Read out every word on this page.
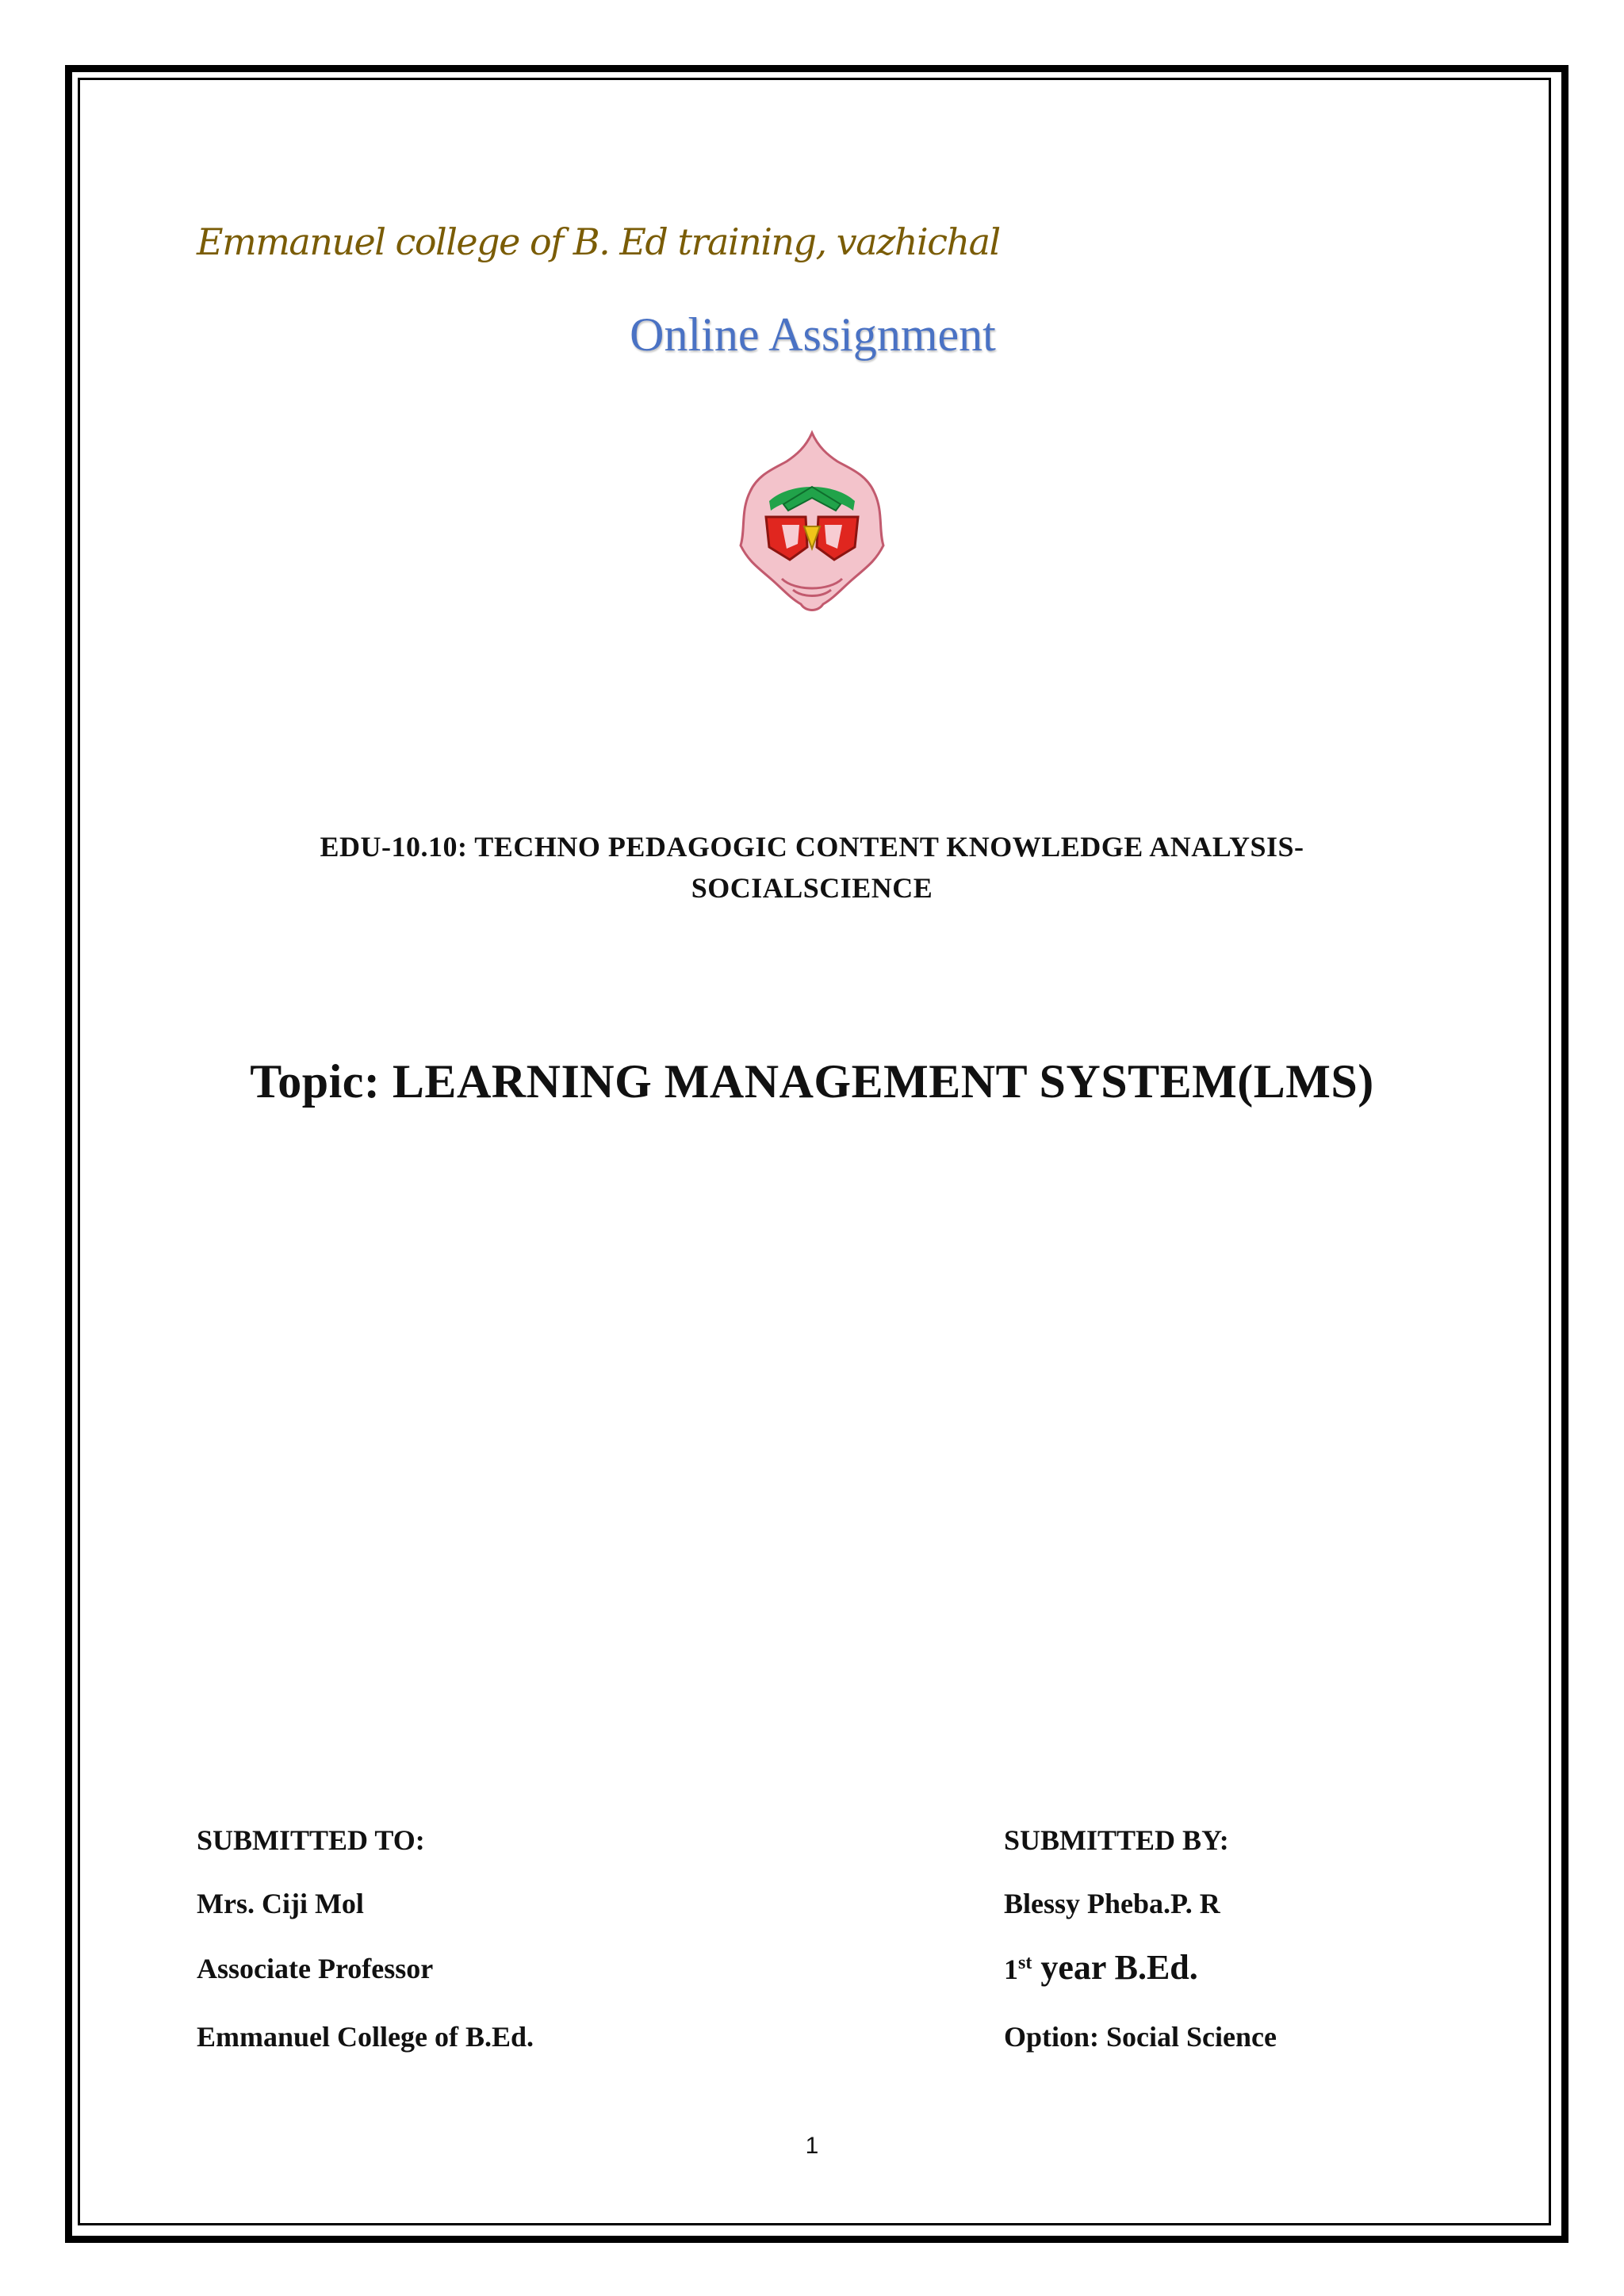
Emmanuel college of B. Ed training, vazhichal
Online Assignment
EDU-10.10: TECHNO PEDAGOGIC CONTENT KNOWLEDGE ANALYSIS-
SOCIALSCIENCE
Topic: LEARNING MANAGEMENT SYSTEM(LMS)
SUBMITTED TO:
Mrs. Ciji Mol
Associate Professor
Emmanuel College of B.Ed.
SUBMITTED BY:
Blessy Pheba.P. R
1st year B.Ed.
Option: Social Science
1
